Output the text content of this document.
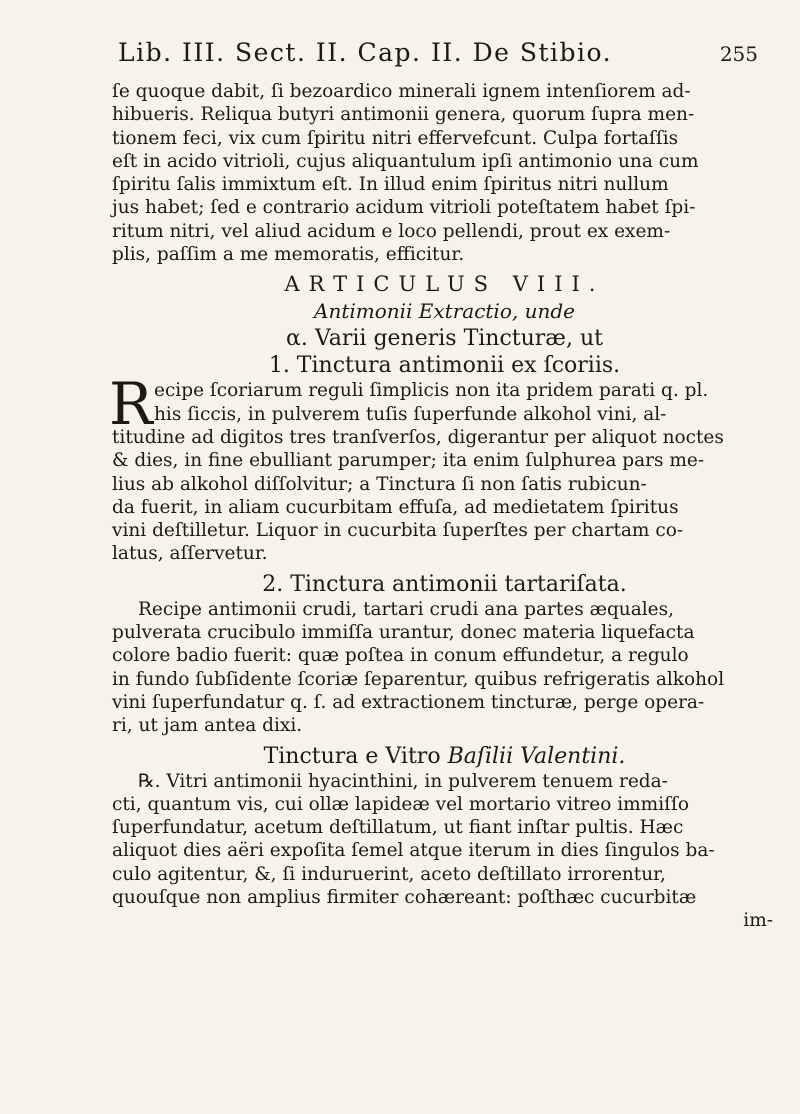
Lib. III. Sect. II. Cap. II. De Stibio.	255
ſe quoque dabit, ſi bezoardico minerali ignem intenſiorem ad-
hibueris. Reliqua butyri antimonii genera, quorum ſupra men-
tionem feci, vix cum ſpiritu nitri effervefcunt. Culpa fortaſſis
eſt in acido vitrioli, cujus aliquantulum ipſi antimonio una cum
ſpiritu ſalis immixtum eſt. In illud enim ſpiritus nitri nullum
jus habet; ſed e contrario acidum vitrioli poteſtatem habet ſpi-
ritum nitri, vel aliud acidum e loco pellendi, prout ex exem-
plis, paſſim a me memoratis, efficitur.
ARTICULUS VIII.
Antimonii Extractio, unde
α. Varii generis Tincturæ, ut
1. Tinctura antimonii ex ſcoriis.
R ecipe ſcoriarum reguli ſimplicis non ita pridem parati q. pl.
his ſiccis, in pulverem tuſis ſuperfunde alkohol vini, al-
titudine ad digitos tres tranſverſos, digerantur per aliquot noctes
& dies, in fine ebulliant parumper; ita enim ſulphurea pars me-
lius ab alkohol diſſolvitur; a Tinctura ſi non ſatis rubicun-
da fuerit, in aliam cucurbitam effuſa, ad medietatem ſpiritus
vini deſtilletur. Liquor in cucurbita ſuperſtes per chartam co-
latus, aſſervetur.
2. Tinctura antimonii tartariſata.
Recipe antimonii crudi, tartari crudi ana partes æquales,
pulverata crucibulo immiſſa urantur, donec materia liquefacta
colore badio fuerit: quæ poſtea in conum effundetur, a regulo
in fundo ſubſidente ſcoriæ ſeparentur, quibus refrigeratis alkohol
vini ſuperfundatur q. ſ. ad extractionem tincturæ, perge opera-
ri, ut jam antea dixi.
Tinctura e Vitro Baſilii Valentini.
℞. Vitri antimonii hyacinthini, in pulverem tenuem reda-
cti, quantum vis, cui ollæ lapideæ vel mortario vitreo immiſſo
ſuperfundatur, acetum deſtillatum, ut fiant inſtar pultis. Hæc
aliquot dies aëri expoſita ſemel atque iterum in dies ſingulos ba-
culo agitentur, &, ſi induruerint, aceto deſtillato irrorentur,
quouſque non amplius firmiter cohæreant: poſthæc cucurbitæ
im-
